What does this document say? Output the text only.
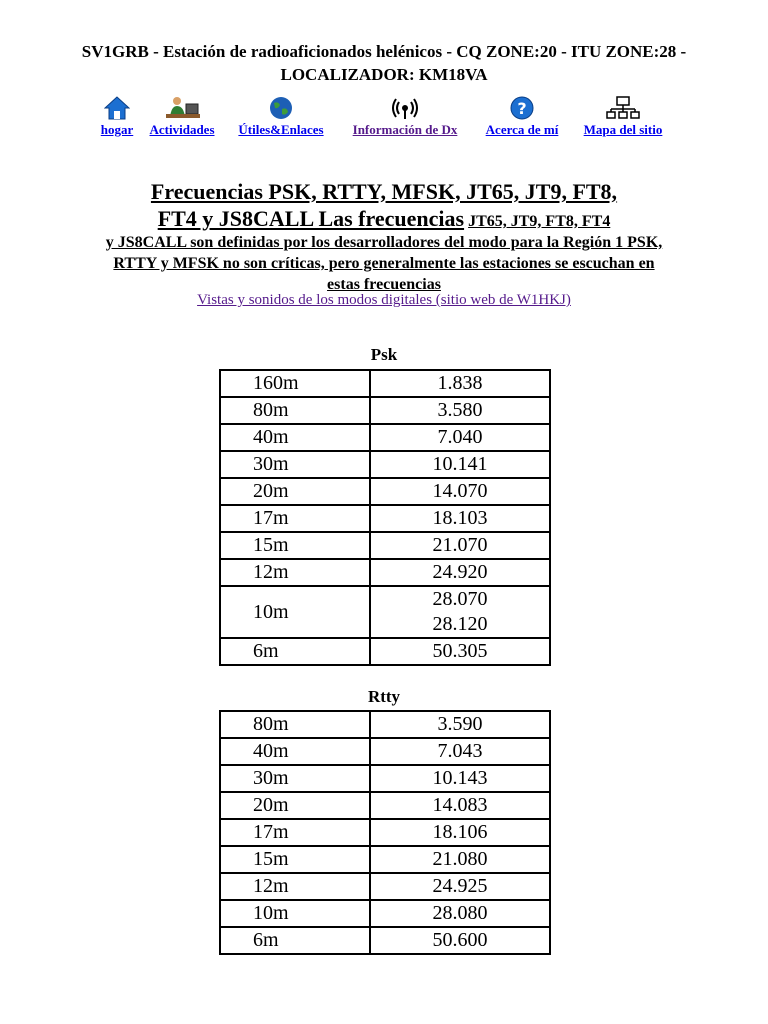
SV1GRB - Estación de radioaficionados helénicos - CQ ZONE:20 - ITU ZONE:28 -
LOCALIZADOR: KM18VA
hogar	Actividades	Útiles&Enlaces	Información de Dx
?
Acerca de mí	Mapa del sitio
Frecuencias PSK, RTTY, MFSK, JT65, JT9, FT8,
FT4 y JS8CALL Las frecuencias JT65, JT9, FT8, FT4
y JS8CALL son definidas por los desarrolladores del modo para la Región 1 PSK,
RTTY y MFSK no son críticas, pero generalmente las estaciones se escuchan en
estas frecuencias
Vistas y sonidos de los modos digitales (sitio web de W1HKJ)
Psk
160m	1.838

80m	3.580

40m	7.040

30m	10.141

20m	14.070

17m	18.103

15m	21.070

12m	24.920

10m	28.070
28.120

6m	50.305
Rtty
80m	3.590

40m	7.043

30m	10.143

20m	14.083

17m	18.106

15m	21.080

12m	24.925

10m	28.080

6m	50.600
